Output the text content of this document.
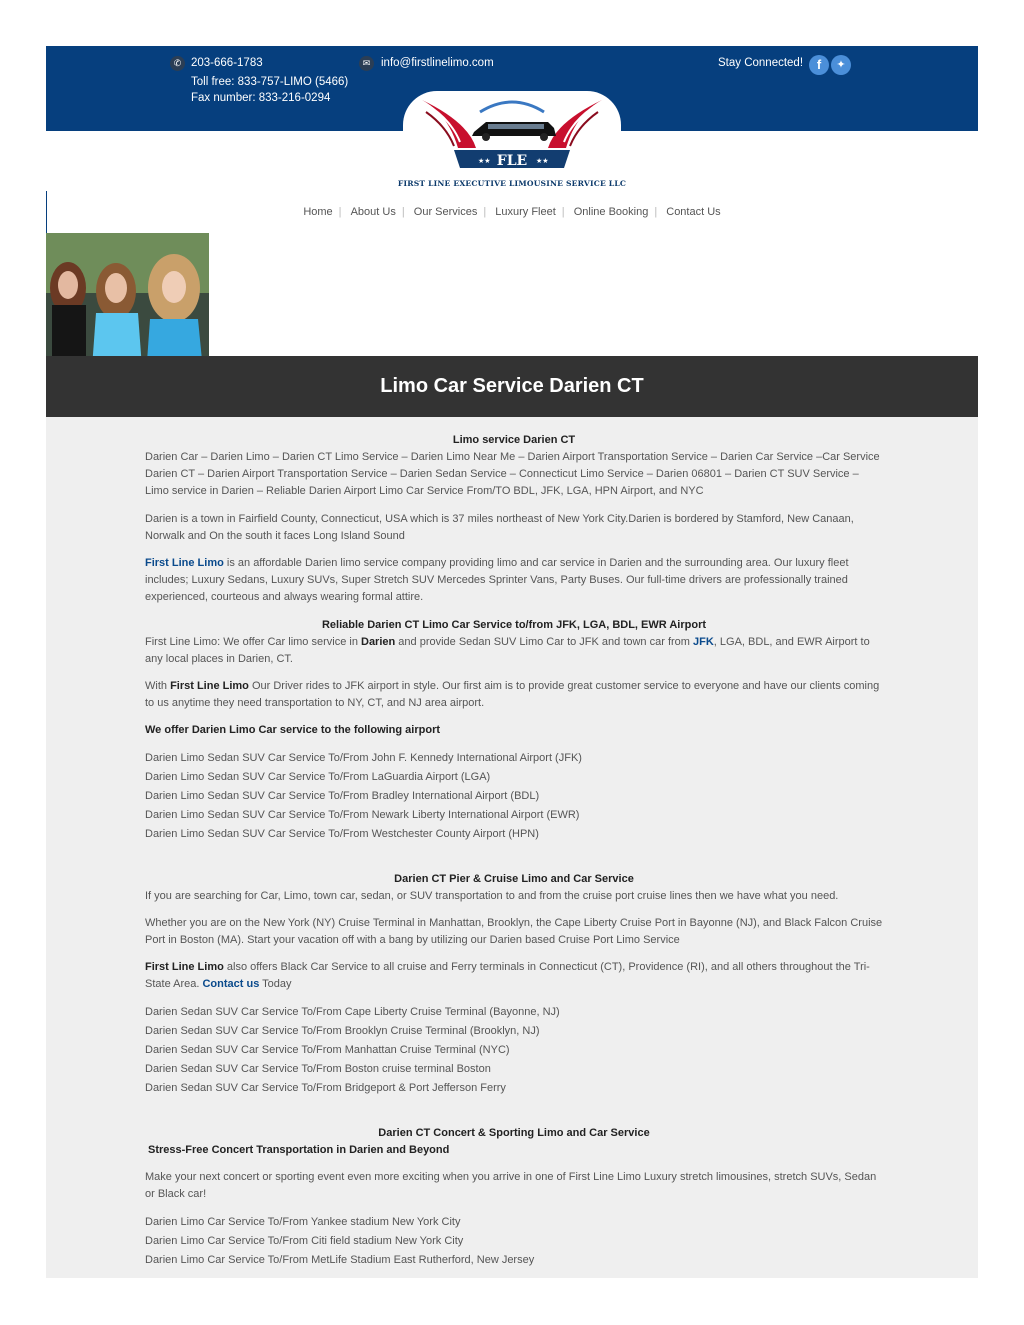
✆ 203-666-1783
Toll free: 833-757-LIMO (5466)
Fax number: 833-216-0294
✉ info@firstlinelimo.com	Stay Connected!	f	✦
FLE
★★	★★
FIRST LINE EXECUTIVE LIMOUSINE SERVICE LLC
Home | About Us | Our Services | Luxury Fleet | Online Booking | Contact Us
Limo Car Service Darien CT

Limo service Darien CT

Darien Car – Darien Limo – Darien CT Limo Service – Darien Limo Near Me – Darien Airport Transportation Service – Darien Car Service –Car Service Darien CT – Darien Airport Transportation Service – Darien Sedan Service – Connecticut Limo Service – Darien 06801 – Darien CT SUV Service – Limo service in Darien – Reliable Darien Airport Limo Car Service From/TO BDL, JFK, LGA, HPN Airport, and NYC

Darien is a town in Fairfield County, Connecticut, USA which is 37 miles northeast of New York City.Darien is bordered by Stamford, New Canaan, Norwalk and On the south it faces Long Island Sound

First Line Limo is an affordable Darien limo service company providing limo and car service in Darien and the surrounding area. Our luxury fleet includes; Luxury Sedans, Luxury SUVs, Super Stretch SUV Mercedes Sprinter Vans, Party Buses. Our full-time drivers are professionally trained experienced, courteous and always wearing formal attire.

Reliable Darien CT Limo Car Service to/from JFK, LGA, BDL, EWR Airport

First Line Limo: We offer Car limo service in Darien and provide Sedan SUV Limo Car to JFK and town car from JFK, LGA, BDL, and EWR Airport to any local places in Darien, CT.

With First Line Limo Our Driver rides to JFK airport in style. Our first aim is to provide great customer service to everyone and have our clients coming to us anytime they need transportation to NY, CT, and NJ area airport.

We offer Darien Limo Car service to the following airport

Darien Limo Sedan SUV Car Service To/From John F. Kennedy International Airport (JFK)
Darien Limo Sedan SUV Car Service To/From LaGuardia Airport (LGA)
Darien Limo Sedan SUV Car Service To/From Bradley International Airport (BDL)
Darien Limo Sedan SUV Car Service To/From Newark Liberty International Airport (EWR)
Darien Limo Sedan SUV Car Service To/From Westchester County Airport (HPN)

Darien CT Pier & Cruise Limo and Car Service

If you are searching for Car, Limo, town car, sedan, or SUV transportation to and from the cruise port cruise lines then we have what you need.

Whether you are on the New York (NY) Cruise Terminal in Manhattan, Brooklyn, the Cape Liberty Cruise Port in Bayonne (NJ), and Black Falcon Cruise Port in Boston (MA). Start your vacation off with a bang by utilizing our Darien based Cruise Port Limo Service

First Line Limo also offers Black Car Service to all cruise and Ferry terminals in Connecticut (CT), Providence (RI), and all others throughout the Tri-State Area. Contact us Today

Darien Sedan SUV Car Service To/From Cape Liberty Cruise Terminal (Bayonne, NJ)
Darien Sedan SUV Car Service To/From Brooklyn Cruise Terminal (Brooklyn, NJ)
Darien Sedan SUV Car Service To/From Manhattan Cruise Terminal (NYC)
Darien Sedan SUV Car Service To/From Boston cruise terminal Boston
Darien Sedan SUV Car Service To/From Bridgeport & Port Jefferson Ferry

Darien CT Concert & Sporting Limo and Car Service

Stress-Free Concert Transportation in Darien and Beyond

Make your next concert or sporting event even more exciting when you arrive in one of First Line Limo Luxury stretch limousines, stretch SUVs, Sedan or Black car!

Darien Limo Car Service To/From Yankee stadium New York City
Darien Limo Car Service To/From Citi field stadium New York City
Darien Limo Car Service To/From MetLife Stadium East Rutherford, New Jersey
